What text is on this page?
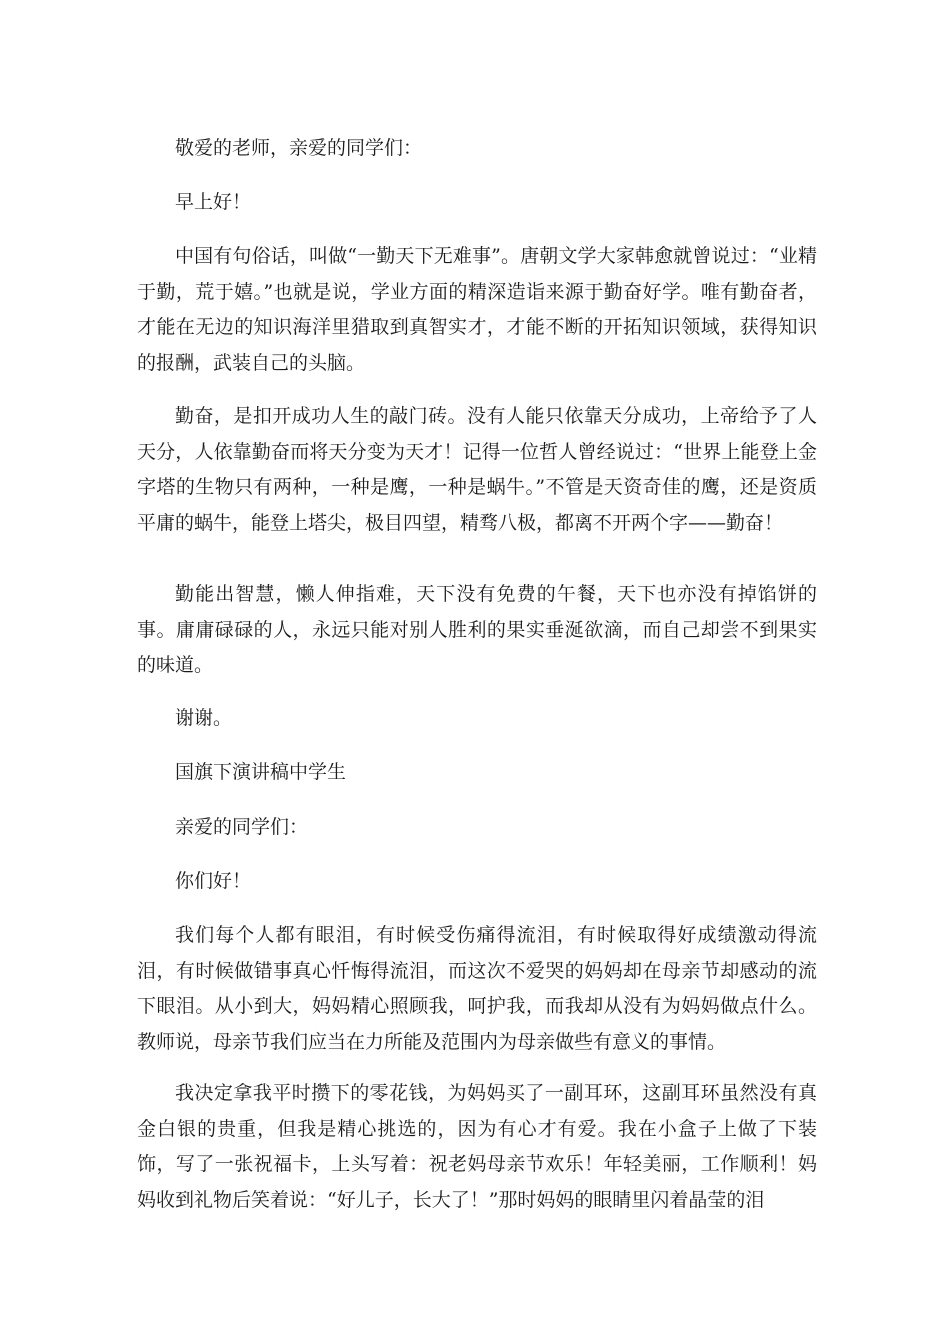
敬爱的老师，亲爱的同学们：

早上好！

中国有句俗话，叫做“一勤天下无难事”。唐朝文学大家韩愈就曾说过：“业精于勤，荒于嬉。”也就是说，学业方面的精深造诣来源于勤奋好学。唯有勤奋者，才能在无边的知识海洋里猎取到真智实才，才能不断的开拓知识领域，获得知识的报酬，武装自己的头脑。

勤奋，是扣开成功人生的敲门砖。没有人能只依靠天分成功，上帝给予了人天分，人依靠勤奋而将天分变为天才！记得一位哲人曾经说过：“世界上能登上金字塔的生物只有两种，一种是鹰，一种是蜗牛。”不管是天资奇佳的鹰，还是资质平庸的蜗牛，能登上塔尖，极目四望，精骛八极，都离不开两个字——勤奋！

勤能出智慧，懒人伸指难，天下没有免费的午餐，天下也亦没有掉馅饼的事。庸庸碌碌的人，永远只能对别人胜利的果实垂涎欲滴，而自己却尝不到果实的味道。

谢谢。

国旗下演讲稿中学生

亲爱的同学们：

你们好！

我们每个人都有眼泪，有时候受伤痛得流泪，有时候取得好成绩激动得流泪，有时候做错事真心忏悔得流泪，而这次不爱哭的妈妈却在母亲节却感动的流下眼泪。从小到大，妈妈精心照顾我，呵护我，而我却从没有为妈妈做点什么。教师说，母亲节我们应当在力所能及范围内为母亲做些有意义的事情。

我决定拿我平时攒下的零花钱，为妈妈买了一副耳环，这副耳环虽然没有真金白银的贵重，但我是精心挑选的，因为有心才有爱。我在小盒子上做了下装饰，写了一张祝福卡，上头写着：祝老妈母亲节欢乐！年轻美丽，工作顺利！妈妈收到礼物后笑着说：“好儿子，长大了！”那时妈妈的眼睛里闪着晶莹的泪
